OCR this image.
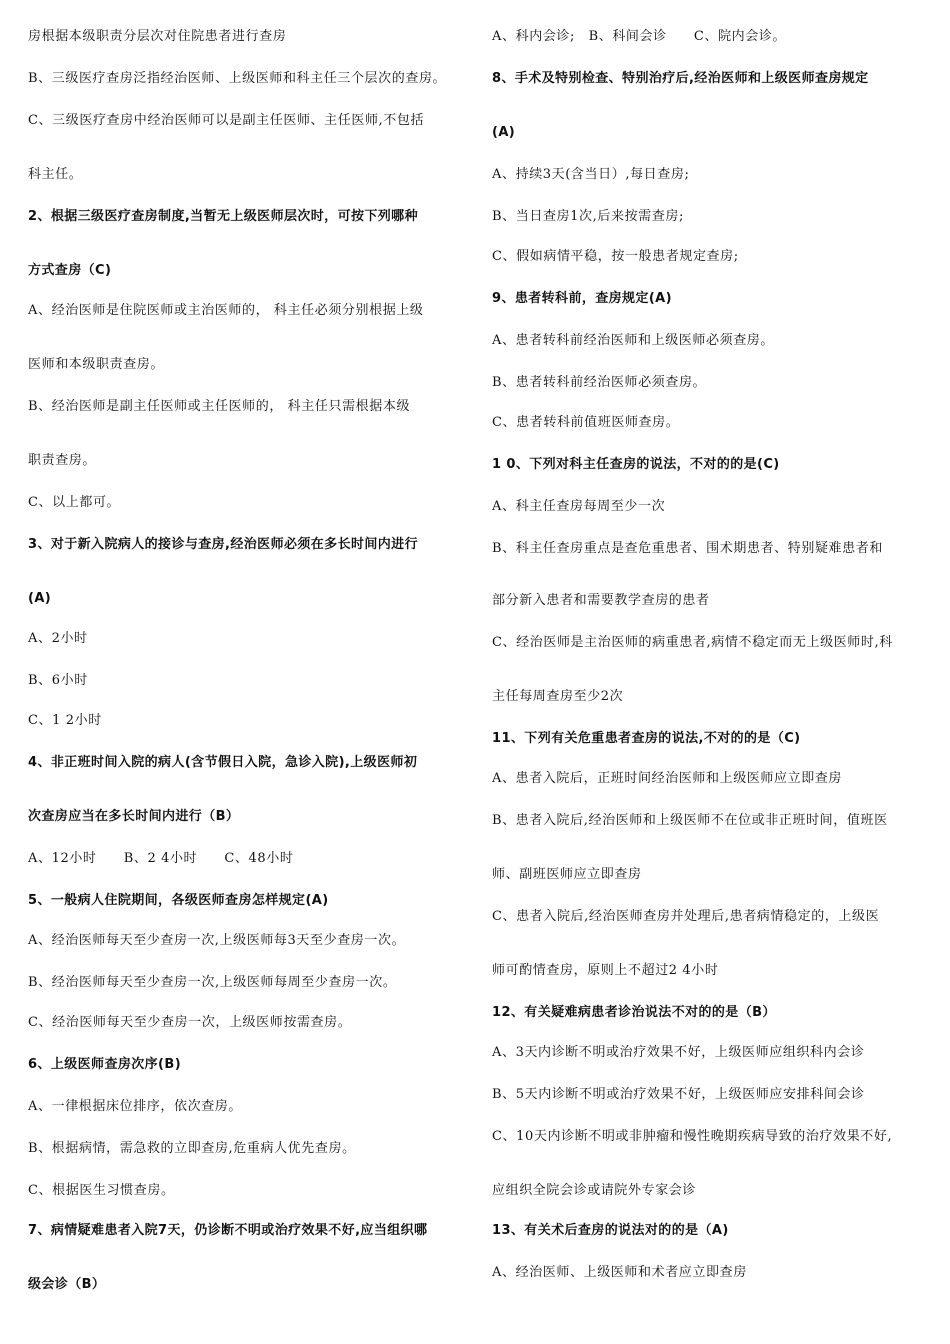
房根据本级职责分层次对住院患者进行查房
B、三级医疗查房泛指经治医师、上级医师和科主任三个层次的查房。
C、三级医疗查房中经治医师可以是副主任医师、主任医师,不包括
科主任。
2、根据三级医疗查房制度,当暂无上级医师层次时，可按下列哪种
方式查房（C)
A、经治医师是住院医师或主治医师的， 科主任必须分别根据上级
医师和本级职责查房。
B、经治医师是副主任医师或主任医师的， 科主任只需根据本级
职责查房。
C、以上都可。
3、对于新入院病人的接诊与查房,经治医师必须在多长时间内进行
(A)
A、2小时
B、6小时
C、1 2小时
4、非正班时间入院的病人(含节假日入院，急诊入院),上级医师初
次查房应当在多长时间内进行（B）
A、12小时　　B、2 4小时　　C、48小时
5、一般病人住院期间，各级医师查房怎样规定(A)
A、经治医师每天至少查房一次,上级医师每3天至少查房一次。
B、经治医师每天至少查房一次,上级医师每周至少查房一次。
C、经治医师每天至少查房一次，上级医师按需查房。
6、上级医师查房次序(B)
A、一律根据床位排序，依次查房。
B、根据病情，需急救的立即查房,危重病人优先查房。
C、根据医生习惯查房。
7、病情疑难患者入院7天，仍诊断不明或治疗效果不好,应当组织哪
级会诊（B）
A、科内会诊;　B、科间会诊　　C、院内会诊。
8、手术及特别检查、特别治疗后,经治医师和上级医师查房规定
(A)
A、持续3天(含当日）,每日查房;
B、当日查房1次,后来按需查房;
C、假如病情平稳，按一般患者规定查房;
9、患者转科前，查房规定(A)
A、患者转科前经治医师和上级医师必须查房。
B、患者转科前经治医师必须查房。
C、患者转科前值班医师查房。
1 0、下列对科主任查房的说法，不对的的是(C)
A、科主任查房每周至少一次
B、科主任查房重点是查危重患者、围术期患者、特别疑难患者和
部分新入患者和需要教学查房的患者
C、经治医师是主治医师的病重患者,病情不稳定而无上级医师时,科
主任每周查房至少2次
11、下列有关危重患者查房的说法,不对的的是（C)
A、患者入院后，正班时间经治医师和上级医师应立即查房
B、患者入院后,经治医师和上级医师不在位或非正班时间，值班医
师、副班医师应立即查房
C、患者入院后,经治医师查房并处理后,患者病情稳定的，上级医
师可酌情查房，原则上不超过2 4小时
12、有关疑难病患者诊治说法不对的的是（B）
A、3天内诊断不明或治疗效果不好，上级医师应组织科内会诊
B、5天内诊断不明或治疗效果不好，上级医师应安排科间会诊
C、10天内诊断不明或非肿瘤和慢性晚期疾病导致的治疗效果不好,
应组织全院会诊或请院外专家会诊
13、有关术后查房的说法对的的是（A)
A、经治医师、上级医师和术者应立即查房
